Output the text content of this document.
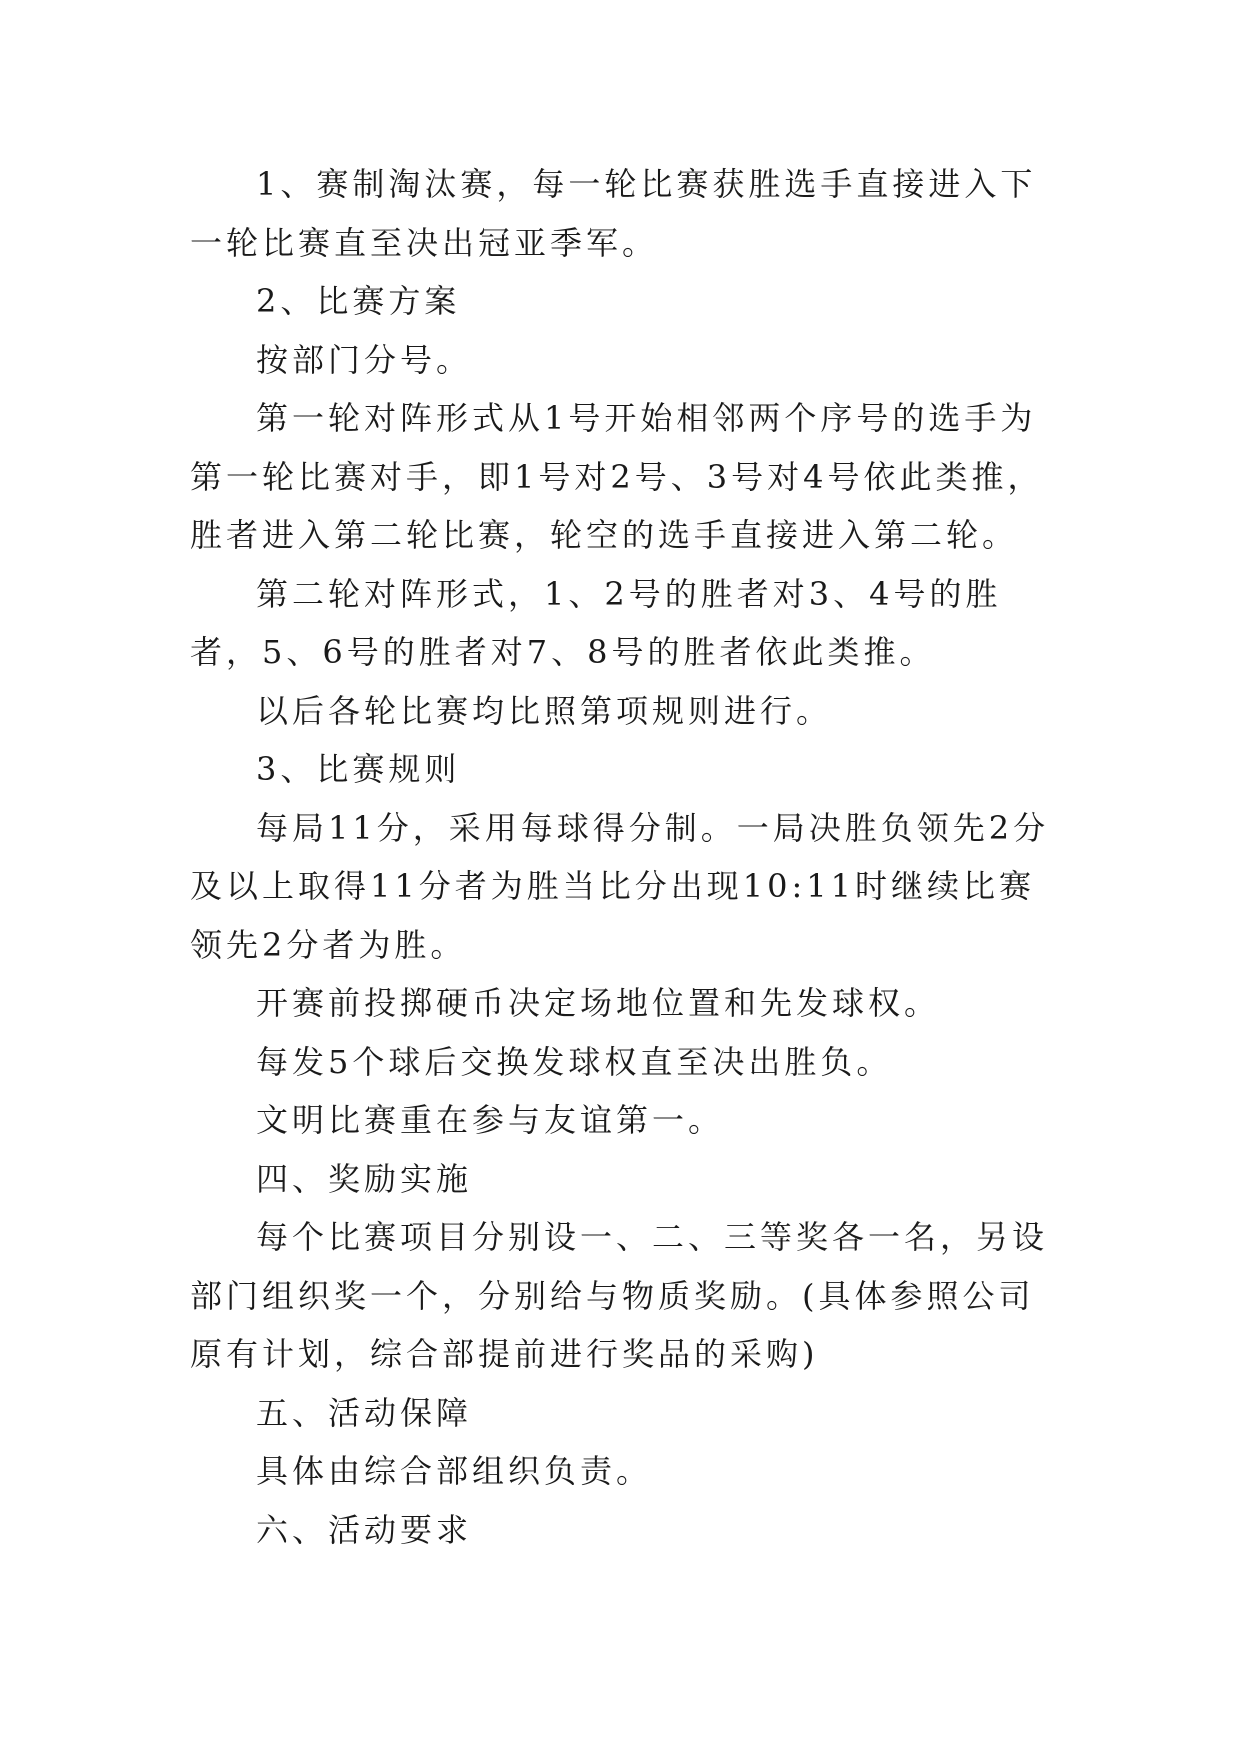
1、赛制淘汰赛，每一轮比赛获胜选手直接进入下一轮比赛直至决出冠亚季军。

2、比赛方案

按部门分号。

第一轮对阵形式从1号开始相邻两个序号的选手为第一轮比赛对手，即1号对2号、3号对4号依此类推，胜者进入第二轮比赛，轮空的选手直接进入第二轮。

第二轮对阵形式，1、2号的胜者对3、4号的胜者，5、6号的胜者对7、8号的胜者依此类推。

以后各轮比赛均比照第项规则进行。

3、比赛规则

每局11分，采用每球得分制。一局决胜负领先2分及以上取得11分者为胜当比分出现10:11时继续比赛领先2分者为胜。

开赛前投掷硬币决定场地位置和先发球权。

每发5个球后交换发球权直至决出胜负。

文明比赛重在参与友谊第一。

四、奖励实施

每个比赛项目分别设一、二、三等奖各一名，另设部门组织奖一个，分别给与物质奖励。(具体参照公司原有计划，综合部提前进行奖品的采购)

五、活动保障

具体由综合部组织负责。

六、活动要求
